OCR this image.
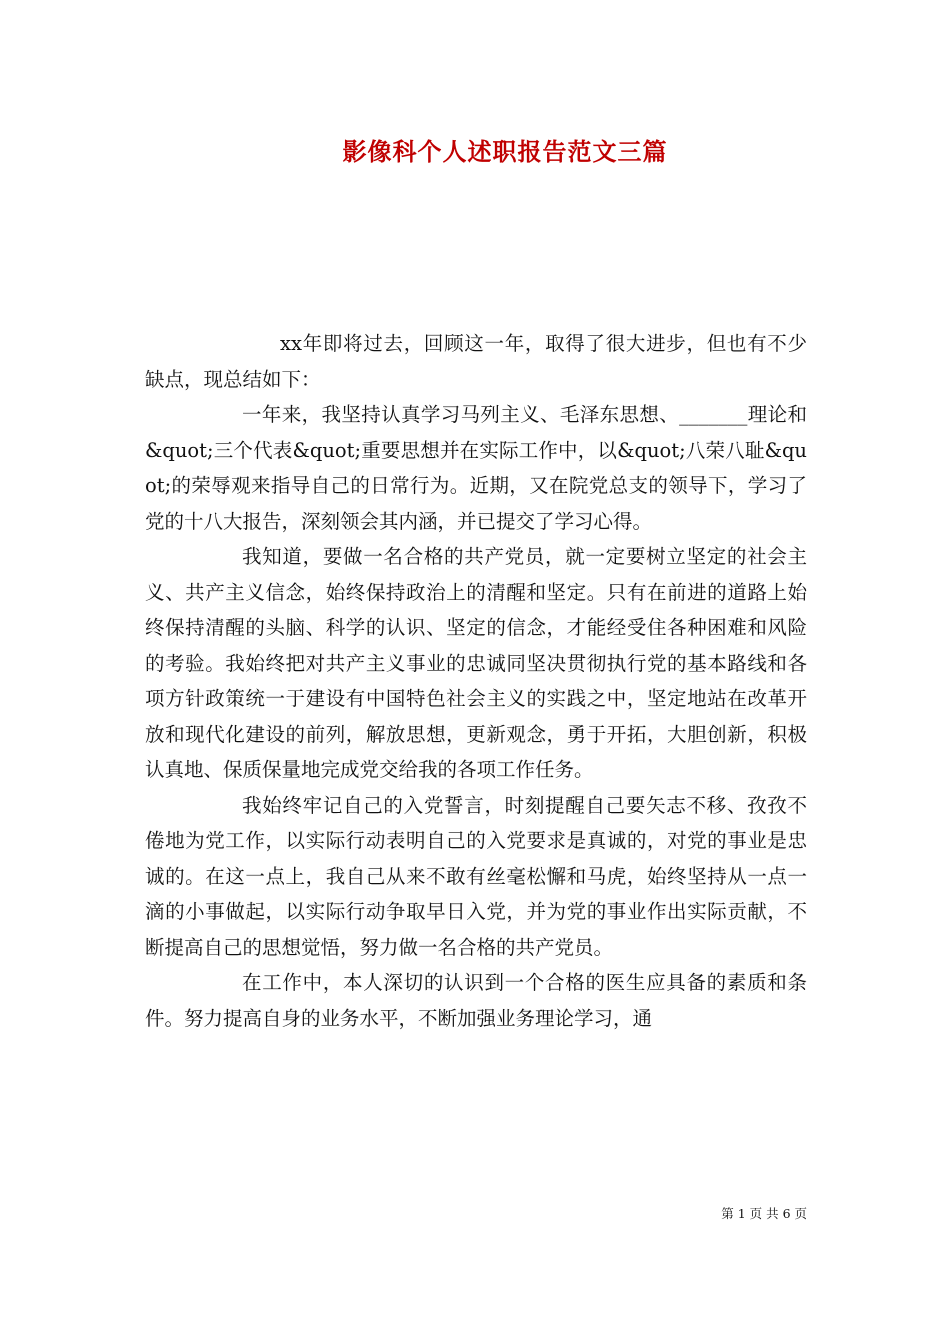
影像科个人述职报告范文三篇

xx年即将过去，回顾这一年，取得了很大进步，但也有不少缺点，现总结如下：

一年来，我坚持认真学习马列主义、毛泽东思想、_______理论和&quot;三个代表&quot;重要思想并在实际工作中，以&quot;八荣八耻&quot;的荣辱观来指导自己的日常行为。近期，又在院党总支的领导下，学习了党的十八大报告，深刻领会其内涵，并已提交了学习心得。

我知道，要做一名合格的共产党员，就一定要树立坚定的社会主义、共产主义信念，始终保持政治上的清醒和坚定。只有在前进的道路上始终保持清醒的头脑、科学的认识、坚定的信念，才能经受住各种困难和风险的考验。我始终把对共产主义事业的忠诚同坚决贯彻执行党的基本路线和各项方针政策统一于建设有中国特色社会主义的实践之中，坚定地站在改革开放和现代化建设的前列，解放思想，更新观念，勇于开拓，大胆创新，积极认真地、保质保量地完成党交给我的各项工作任务。

我始终牢记自己的入党誓言，时刻提醒自己要矢志不移、孜孜不倦地为党工作，以实际行动表明自己的入党要求是真诚的，对党的事业是忠诚的。在这一点上，我自己从来不敢有丝毫松懈和马虎，始终坚持从一点一滴的小事做起，以实际行动争取早日入党，并为党的事业作出实际贡献，不断提高自己的思想觉悟，努力做一名合格的共产党员。

在工作中，本人深切的认识到一个合格的医生应具备的素质和条件。努力提高自身的业务水平，不断加强业务理论学习，通

第 1 页 共 6 页
